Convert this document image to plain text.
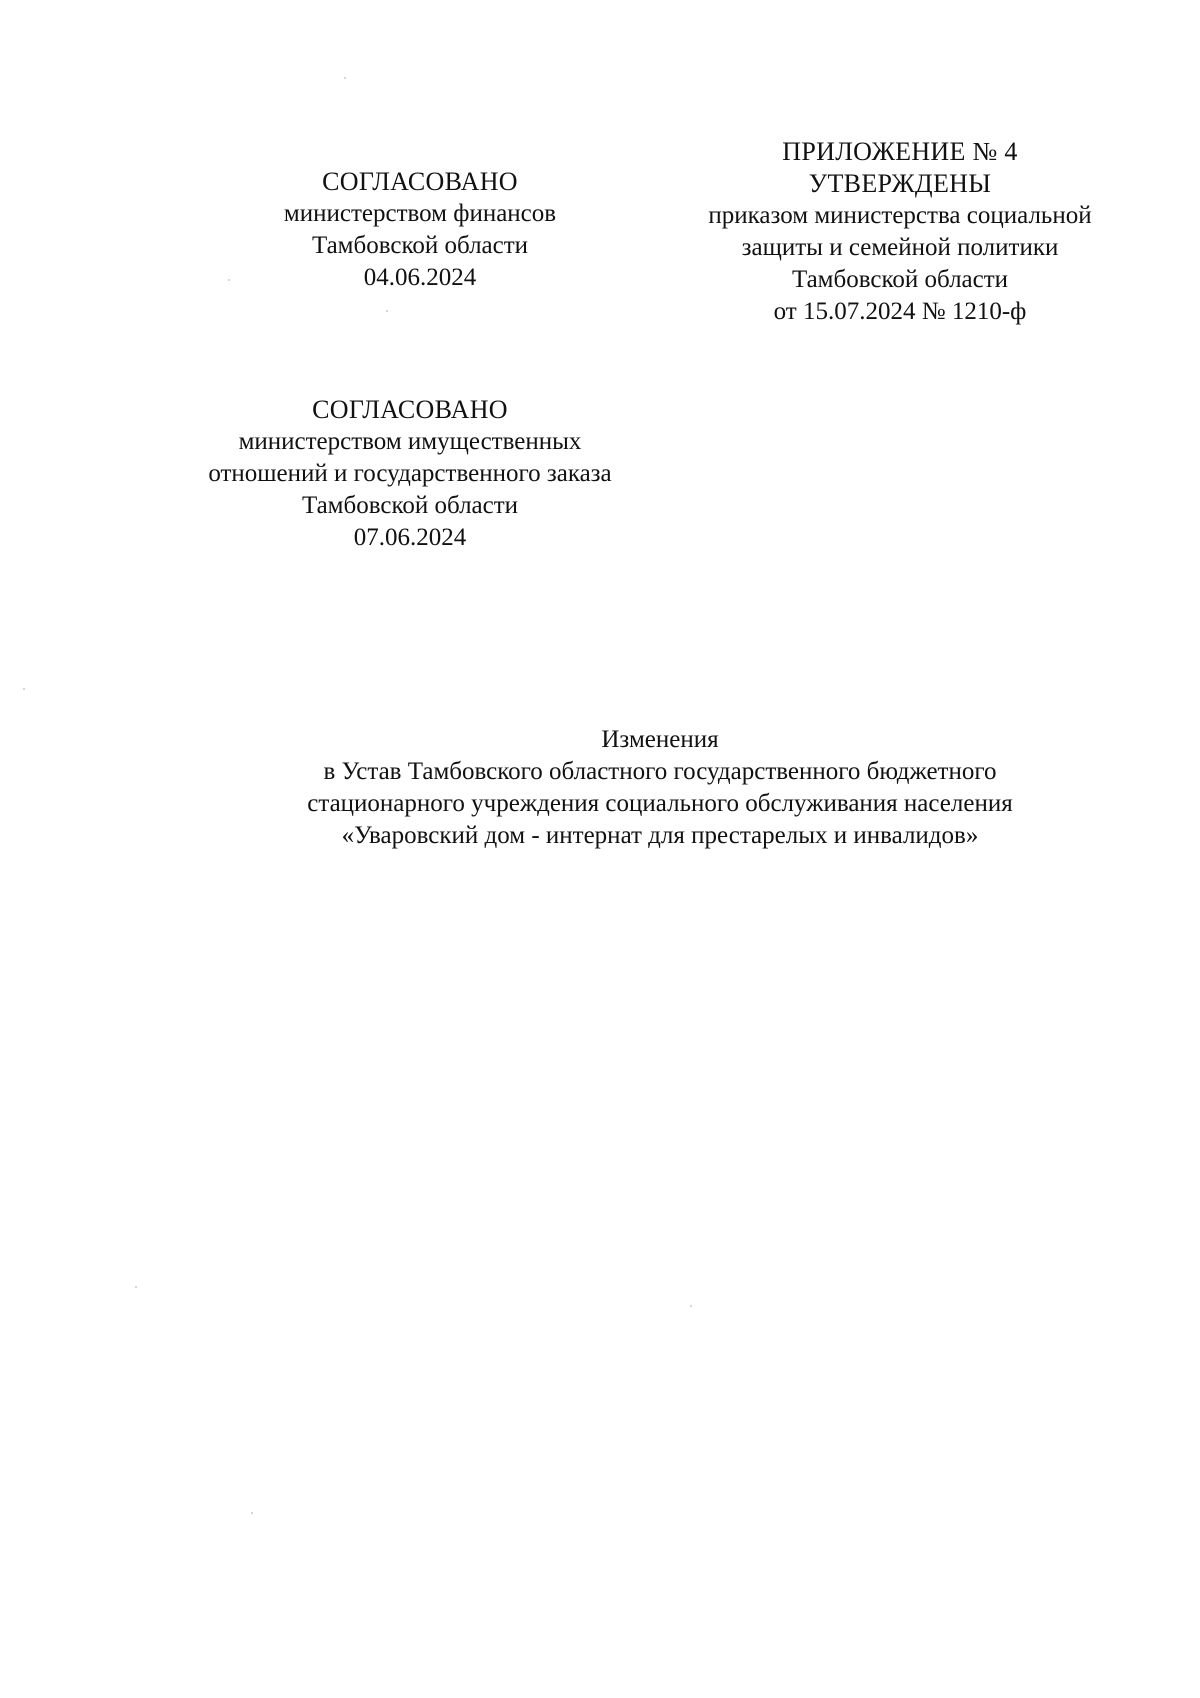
СОГЛАСОВАНО
министерством финансов
Тамбовской области
04.06.2024
ПРИЛОЖЕНИЕ № 4
УТВЕРЖДЕНЫ
приказом министерства социальной
защиты и семейной политики
Тамбовской области
от 15.07.2024 № 1210-ф
СОГЛАСОВАНО
министерством имущественных
отношений и государственного заказа
Тамбовской области
07.06.2024
Изменения
в Устав Тамбовского областного государственного бюджетного
стационарного учреждения социального обслуживания населения
«Уваровский дом - интернат для престарелых и инвалидов»
